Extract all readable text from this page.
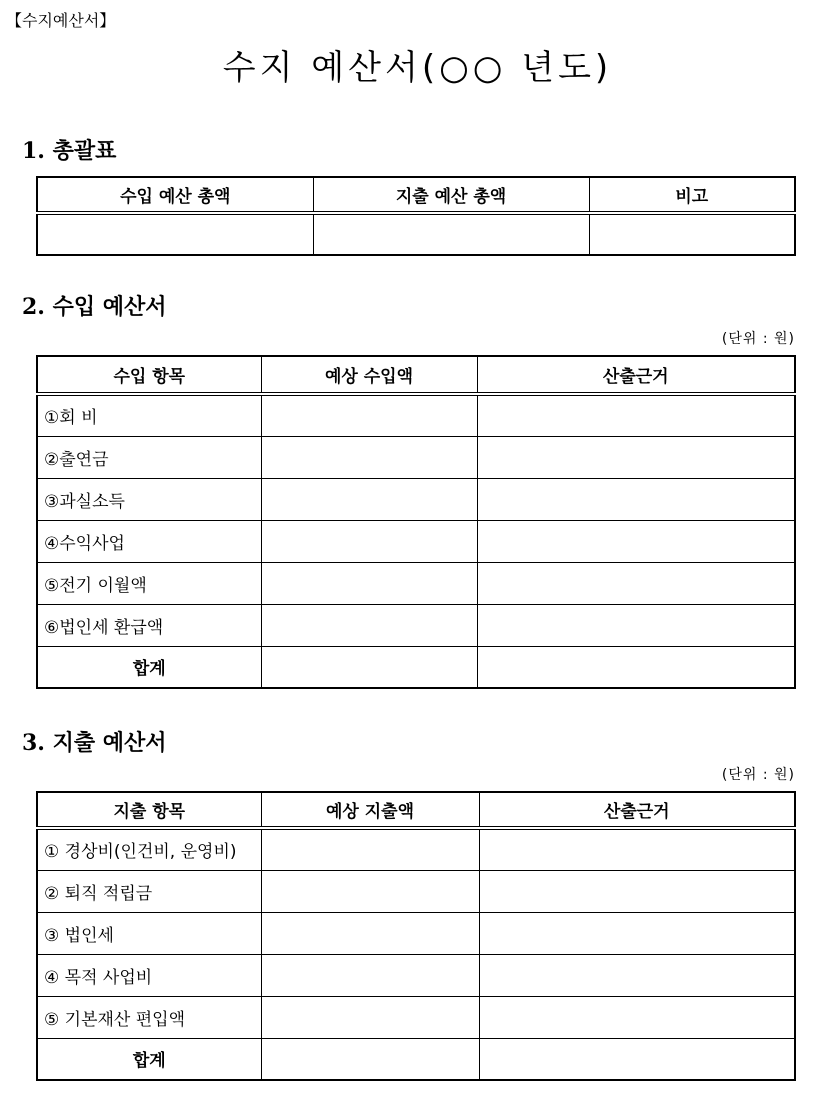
【수지예산서】
수지 예산서(○○ 년도)
1. 총괄표
수입 예산 총액	지출 예산 총액	비고

2. 수입 예산서
(단위 : 원)
수입 항목	예상 수입액	산출근거
①회 비		
②출연금		
③과실소득		
④수익사업		
⑤전기 이월액		
⑥법인세 환급액		
합계		
3. 지출 예산서
(단위 : 원)
지출 항목	예상 지출액	산출근거
① 경상비(인건비, 운영비)		
② 퇴직 적립금		
③ 법인세		
④ 목적 사업비		
⑤ 기본재산 편입액		
합계		
